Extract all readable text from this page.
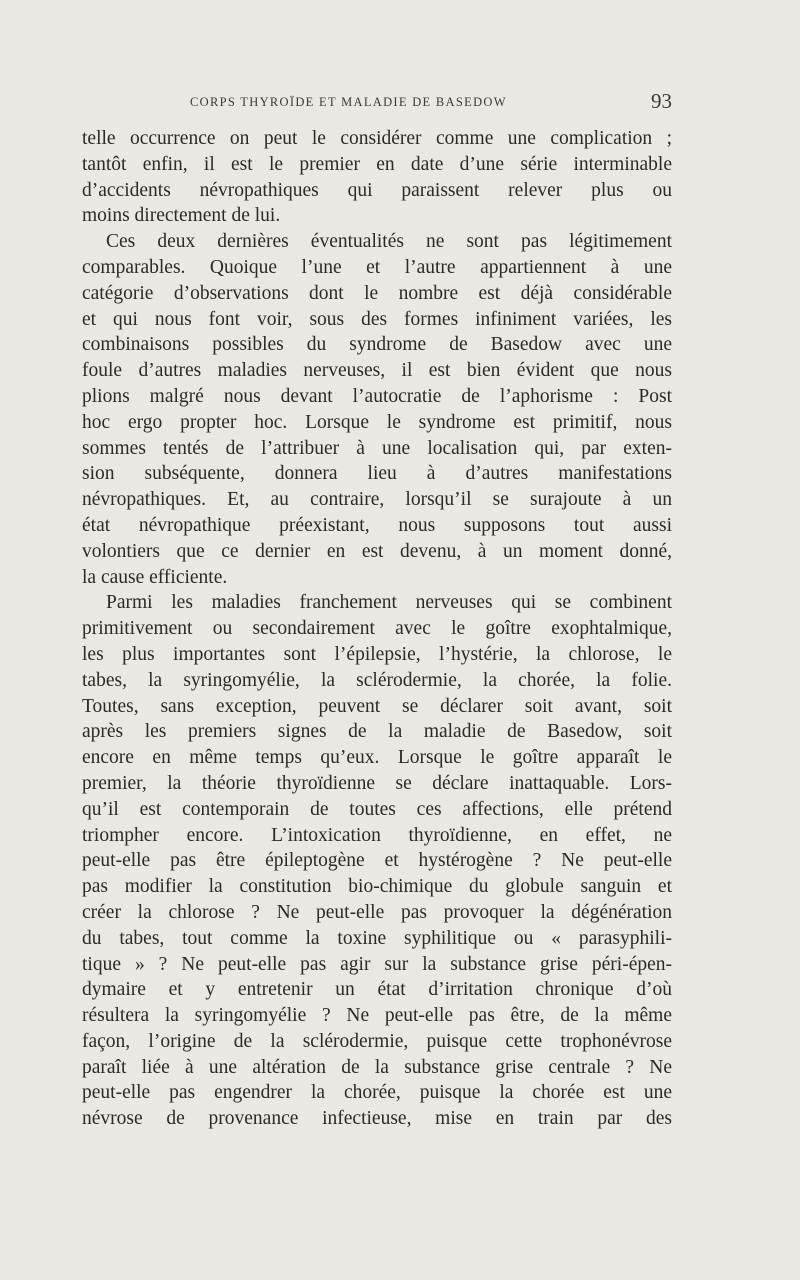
CORPS THYROÏDE ET MALADIE DE BASEDOW	93
telle occurrence on peut le considérer comme une complication ;
tantôt enfin, il est le premier en date d’une série interminable
d’accidents névropathiques qui paraissent relever plus ou
moins directement de lui.
Ces deux dernières éventualités ne sont pas légitimement
comparables. Quoique l’une et l’autre appartiennent à une
catégorie d’observations dont le nombre est déjà considérable
et qui nous font voir, sous des formes infiniment variées, les
combinaisons possibles du syndrome de Basedow avec une
foule d’autres maladies nerveuses, il est bien évident que nous
plions malgré nous devant l’autocratie de l’aphorisme : Post
hoc ergo propter hoc. Lorsque le syndrome est primitif, nous
sommes tentés de l’attribuer à une localisation qui, par exten-
sion subséquente, donnera lieu à d’autres manifestations
névropathiques. Et, au contraire, lorsqu’il se surajoute à un
état névropathique préexistant, nous supposons tout aussi
volontiers que ce dernier en est devenu, à un moment donné,
la cause efficiente.
Parmi les maladies franchement nerveuses qui se combinent
primitivement ou secondairement avec le goître exophtalmique,
les plus importantes sont l’épilepsie, l’hystérie, la chlorose, le
tabes, la syringomyélie, la sclérodermie, la chorée, la folie.
Toutes, sans exception, peuvent se déclarer soit avant, soit
après les premiers signes de la maladie de Basedow, soit
encore en même temps qu’eux. Lorsque le goître apparaît le
premier, la théorie thyroïdienne se déclare inattaquable. Lors-
qu’il est contemporain de toutes ces affections, elle prétend
triompher encore. L’intoxication thyroïdienne, en effet, ne
peut-elle pas être épileptogène et hystérogène ? Ne peut-elle
pas modifier la constitution bio-chimique du globule sanguin et
créer la chlorose ? Ne peut-elle pas provoquer la dégénération
du tabes, tout comme la toxine syphilitique ou « parasyphili-
tique » ? Ne peut-elle pas agir sur la substance grise péri-épen-
dymaire et y entretenir un état d’irritation chronique d’où
résultera la syringomyélie ? Ne peut-elle pas être, de la même
façon, l’origine de la sclérodermie, puisque cette trophonévrose
paraît liée à une altération de la substance grise centrale ? Ne
peut-elle pas engendrer la chorée, puisque la chorée est une
névrose de provenance infectieuse, mise en train par des
